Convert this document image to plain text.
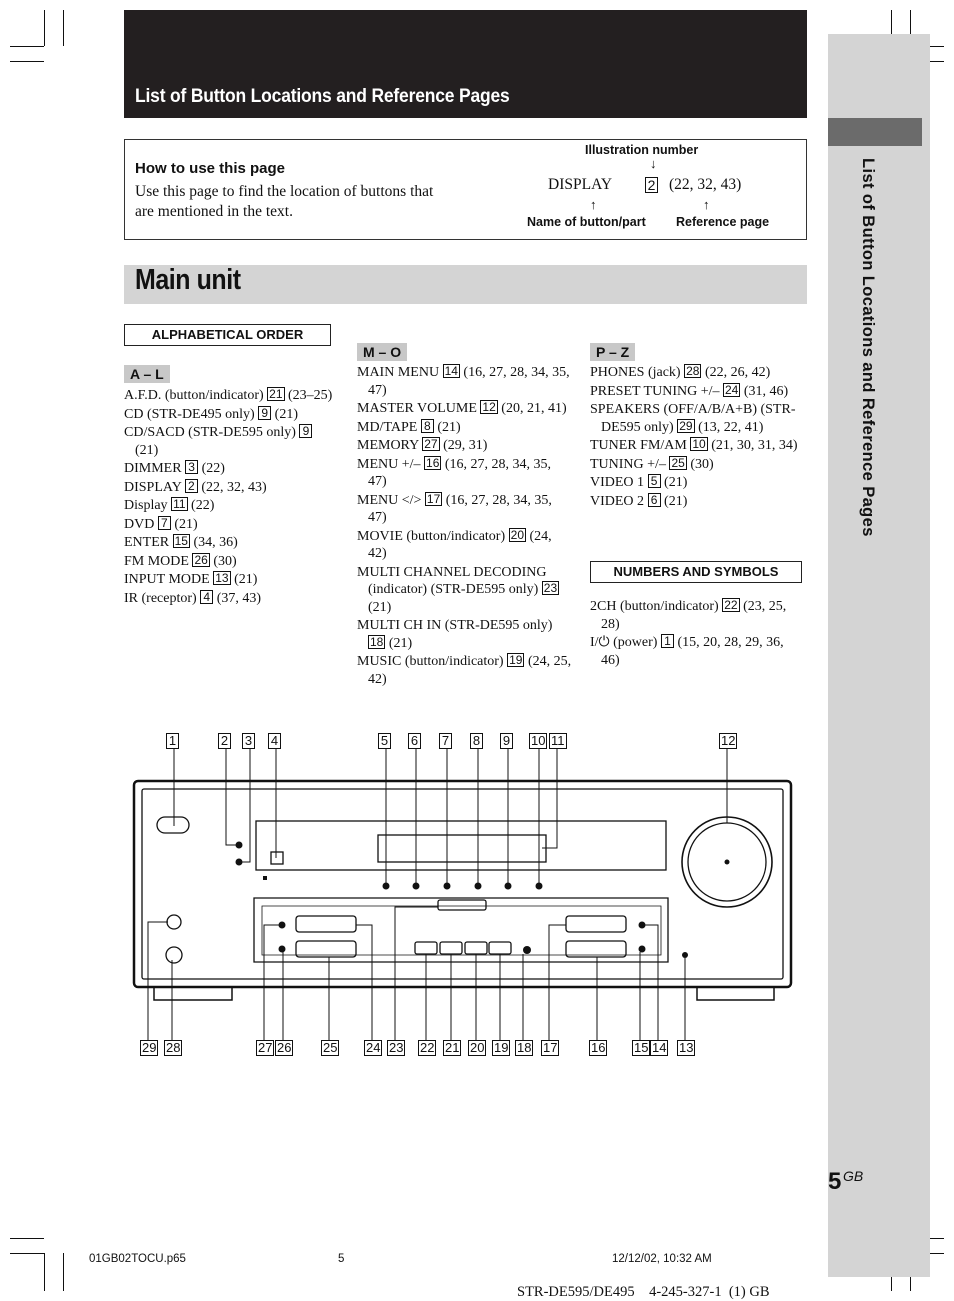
List of Button Locations and Reference Pages
List of Button Locations and Reference Pages
How to use this page
Use this page to find the location of buttons that are mentioned in the text.
Illustration number
↓
DISPLAY	2 (22, 32, 43)
↑	↑
Name of button/part Reference page
Main unit
ALPHABETICAL ORDER
A – L
A.F.D. (button/indicator) 21 (23–25)
CD (STR-DE495 only) 9 (21)
CD/SACD (STR-DE595 only) 9 (21)
DIMMER 3 (22)
DISPLAY 2 (22, 32, 43)
Display 11 (22)
DVD 7 (21)
ENTER 15 (34, 36)
FM MODE 26 (30)
INPUT MODE 13 (21)
IR (receptor) 4 (37, 43)
M – O
MAIN MENU 14 (16, 27, 28, 34, 35, 47)
MASTER VOLUME 12 (20, 21, 41)
MD/TAPE 8 (21)
MEMORY 27 (29, 31)
MENU +/– 16 (16, 27, 28, 34, 35, 47)
MENU </> 17 (16, 27, 28, 34, 35, 47)
MOVIE (button/indicator) 20 (24, 42)
MULTI CHANNEL DECODING (indicator) (STR-DE595 only) 23 (21)
MULTI CH IN (STR-DE595 only) 18 (21)
MUSIC (button/indicator) 19 (24, 25, 42)
P – Z
PHONES (jack) 28 (22, 26, 42)
PRESET TUNING +/– 24 (31, 46)
SPEAKERS (OFF/A/B/A+B) (STR-DE595 only) 29 (13, 22, 41)
TUNER FM/AM 10 (21, 30, 31, 34)
TUNING +/– 25 (30)
VIDEO 1 5 (21)
VIDEO 2 6 (21)
NUMBERS AND SYMBOLS
2CH (button/indicator) 22 (23, 25, 28)
I/⏻ (power) 1 (15, 20, 28, 29, 36, 46)
1	2 3 4	5 6 7 8 9 10 11	12
29 28	27 26 25 24 23 22 21 20 19 18 17	16 15 14 13
5 GB
01GB02TOCU.p65	5	12/12/02, 10:32 AM
STR-DE595/DE495    4-245-327-1  (1) GB
